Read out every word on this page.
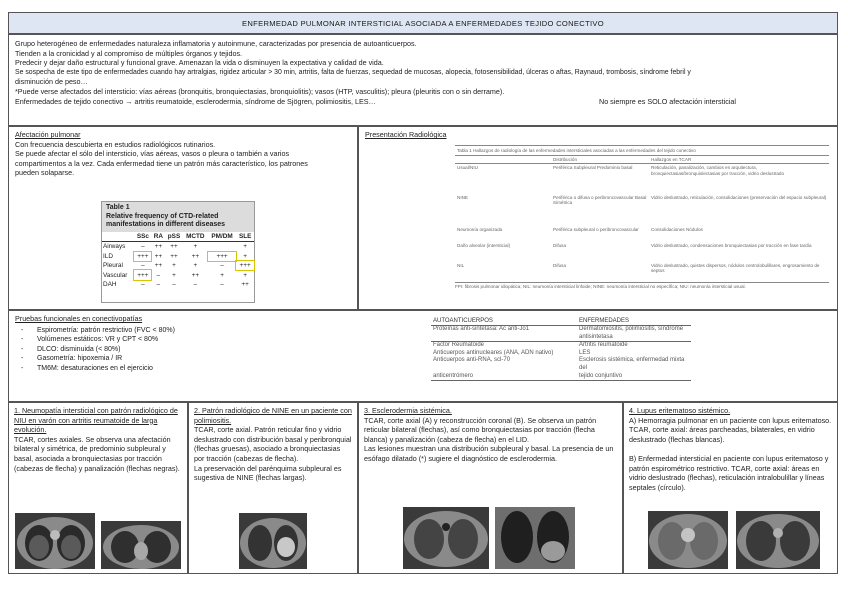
ENFERMEDAD PULMONAR INTERSTICIAL ASOCIADA A ENFERMEDADES TEJIDO CONECTIVO
Grupo heterogéneo de enfermedades naturaleza inflamatoria y autoinmune, caracterizadas por presencia de autoanticuerpos.
Tienden a la cronicidad y al compromiso de múltiples órganos y tejidos.
Predecir y dejar daño estructural y funcional grave. Amenazan la vida o disminuyen la expectativa y calidad de vida.
Se sospecha de este tipo de enfermedades cuando hay artralgias, rigidez articular > 30 min, artritis, falta de fuerzas, sequedad de mucosas, alopecia, fotosensibilidad, úlceras o aftas, Raynaud, trombosis, síndrome febril y
disminución de peso…
*Puede verse afectados del intersticio: vías aéreas (bronquitis, bronquiectasias, bronquiolitis); vasos (HTP, vasculitis); pleura (pleuritis con o sin derrame).
Enfermedades de tejido conectivo → artritis reumatoide, esclerodermia, síndrome de Sjögren, polimiositis, LES…	No siempre es SOLO afectación intersticial
Afectación pulmonar
Con frecuencia descubierta en estudios radiológicos rutinarios.
Se puede afectar el sólo del intersticio, vías aéreas, vasos o pleura o también a varios
compartimentos a la vez. Cada enfermedad tiene un patrón más característico, los patrones
pueden solaparse.
Table 1
Relative frequency of CTD-related manifestations in different diseases
	SSc	RA	pSS	MCTD	PM/DM	SLE
Airways	–	++	++	+		+
ILD	+++	++	++	++	+++	+
Pleural	–	++	+	+	–	+++
Vascular	+++	–	+	++	+	+
DAH	–	–	–	–	–	++
Presentación Radiológica
Tabla 1 Hallazgos de radiología de las enfermedades intersticiales asociadas a las enfermedades del tejido conectivo
	Distribución	Hallazgos en TCAR
Usual/NIU	Periférica Subpleural Predominio basal	Reticulación, panalización, cambios en arquitectura, bronquiectasias/bronquiolectasias por tracción, vidrio deslustrado
NINE	Periférica o difusa o peribroncovascular Basal Simétrica	Vidrio deslustrado, reticulación, consolidaciones (preservación del espacio subpleural)
Neumonía organizada	Periférica subpleural o peribroncovascular	Consolidaciones Nódulos
Daño alveolar (intersticial)	Difusa	Vidrio deslustrado, condensaciones bronquiectasias por tracción en fase tardía
NIL	Difusa	Vidrio deslustrado, quistes dispersos, nódulos centrolobulillares, engrosamiento de septos
FPI: fibrosis pulmonar idiopática; NIL: neumonía intersticial linfoide; NINE: neumonía intersticial no específica; NIU: neumonía intersticial usual.
Pruebas funcionales en conectivopatías
- Espirometría: patrón restrictivo (FVC < 80%)
- Volúmenes estáticos: VR y CPT < 80%
- DLCO: disminuida (< 80%)
- Gasometría: hipoxemia / IR
- TM6M: desaturaciones en el ejercicio
AUTOANTICUERPOS	ENFERMEDADES
Proteínas anti-sintetasa: Ac anti-Jo1	Dermatomiositis, polimiositis, síndrome antisintetasa
Factor Reumatoide	Artritis reumatoide
Anticuerpos antinucleares (ANA, ADN nativo)	LES
Anticuerpos anti-RNA, scl-70	Esclerosis sistémica, enfermedad mixta del
anticentrómero	tejido conjuntivo
1. Neumopatía intersticial con patrón radiológico de NIU en varón con artritis reumatoide de larga evolución.
TCAR, cortes axiales. Se observa una afectación bilateral y simétrica, de predominio subpleural y basal, asociada a bronquiectasias por tracción (cabezas de flecha) y panalización (flechas negras).
2. Patrón radiológico de NINE en un paciente con polimiositis.
TCAR, corte axial. Patrón reticular fino y vidrio deslustrado con distribución basal y peribronquial (flechas gruesas), asociado a bronquiectasias por tracción (cabezas de flecha).
La preservación del parénquima subpleural es sugestiva de NINE (flechas largas).
3. Esclerodermia sistémica.
TCAR, corte axial (A) y reconstrucción coronal (B). Se observa un patrón reticular bilateral (flechas), así como bronquiectasias por tracción (flecha blanca) y panalización (cabeza de flecha) en el LID.
Las lesiones muestran una distribución subpleural y basal. La presencia de un esófago dilatado (*) sugiere el diagnóstico de esclerodermia.
4. Lupus eritematoso sistémico.
A) Hemorragia pulmonar en un paciente con lupus eritematoso. TCAR, corte axial: áreas parcheadas, bilaterales, en vidrio deslustrado (flechas blancas).

B) Enfermedad intersticial en paciente con lupus eritematoso y patrón espirométrico restrictivo. TCAR, corte axial: áreas en vidrio deslustrado (flechas), reticulación intralobulillar y líneas septales (círculo).
